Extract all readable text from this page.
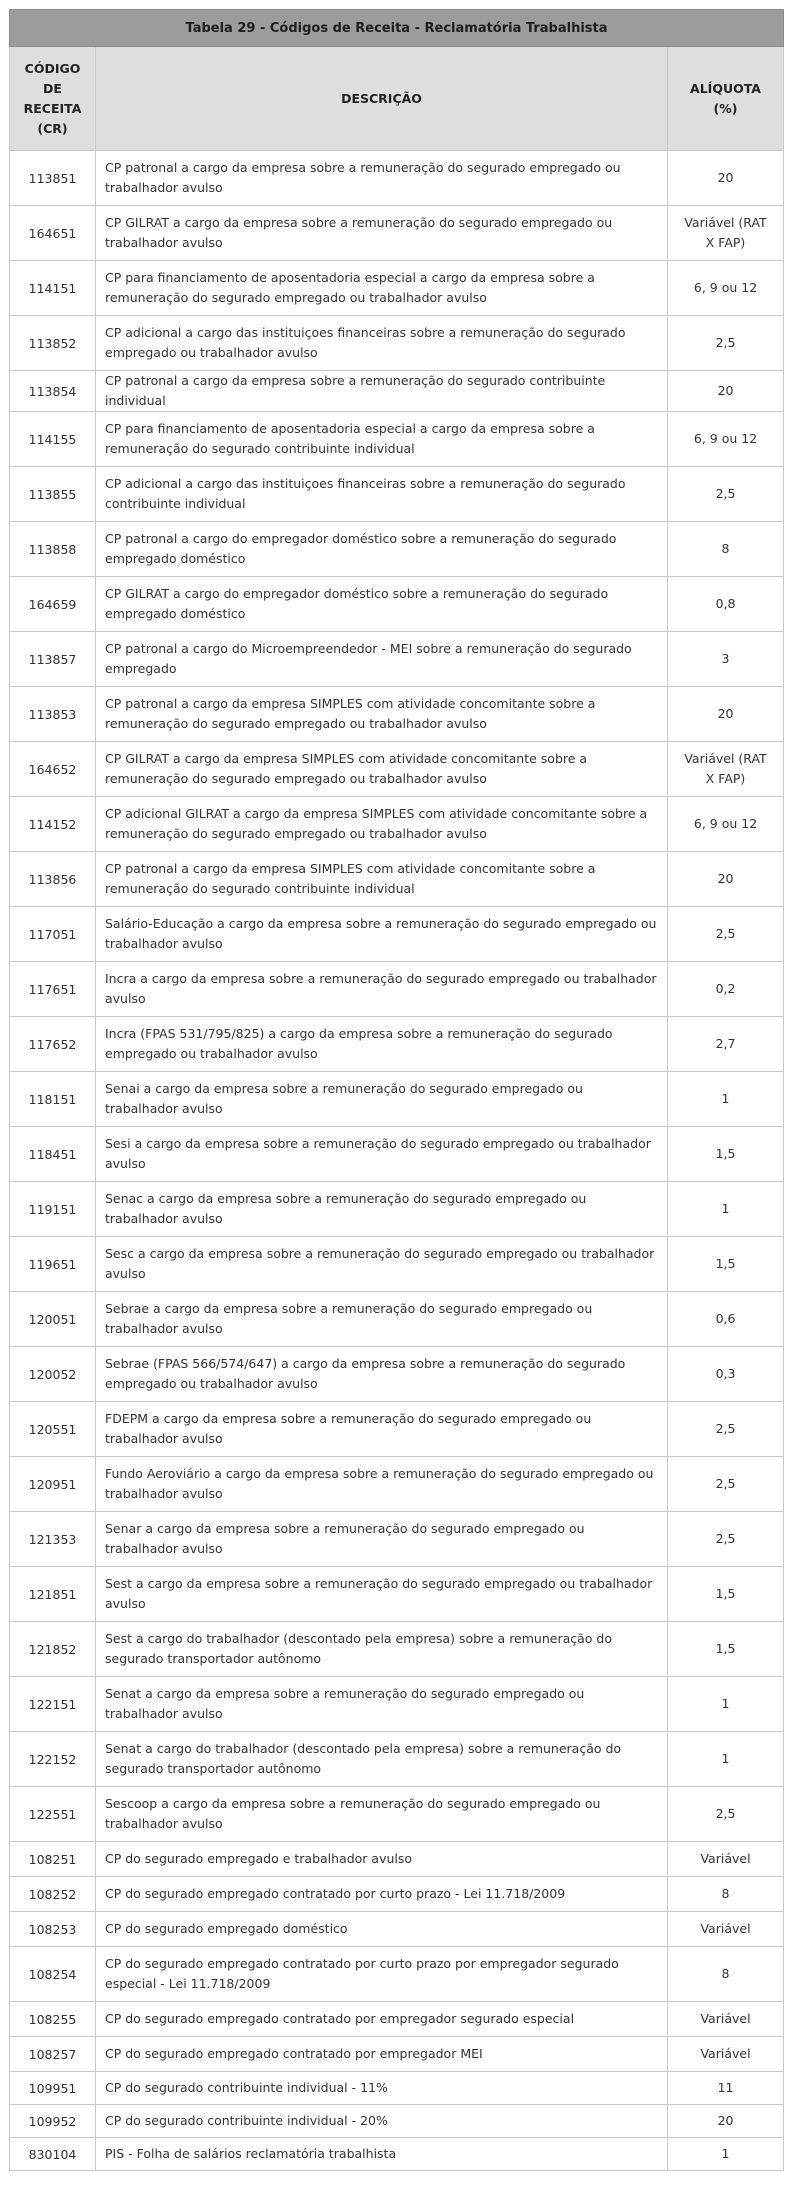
Tabela 29 - Códigos de Receita - Reclamatória Trabalhista		

CÓDIGO DE RECEITA (CR)	DESCRIÇÃO	ALÍQUOTA (%)

113851	CP patronal a cargo da empresa sobre a remuneração do segurado empregado ou trabalhador avulso	20
164651	CP GILRAT a cargo da empresa sobre a remuneração do segurado empregado ou trabalhador avulso	Variável (RAT X FAP)

114151	CP para financiamento de aposentadoria especial a cargo da empresa sobre a remuneração do segurado empregado ou trabalhador avulso	6, 9 ou 12
113852	CP adicional a cargo das instituiçoes financeiras sobre a remuneração do segurado empregado ou trabalhador avulso	2,5
113854	CP patronal a cargo da empresa sobre a remuneração do segurado contribuinte individual	20
114155	CP para financiamento de aposentadoria especial a cargo da empresa sobre a remuneração do segurado contribuinte individual	6, 9 ou 12
113855	CP adicional a cargo das instituiçoes financeiras sobre a remuneração do segurado contribuinte individual	2,5
113858	CP patronal a cargo do empregador doméstico sobre a remuneração do segurado empregado doméstico	8
164659	CP GILRAT a cargo do empregador doméstico sobre a remuneração do segurado empregado doméstico	0,8
113857	CP patronal a cargo do Microempreendedor - MEI sobre a remuneração do segurado empregado	3
113853	CP patronal a cargo da empresa SIMPLES com atividade concomitante sobre a remuneração do segurado empregado ou trabalhador avulso	20
164652	CP GILRAT a cargo da empresa SIMPLES com atividade concomitante sobre a remuneração do segurado empregado ou trabalhador avulso	Variável (RAT X FAP)

114152	CP adicional GILRAT a cargo da empresa SIMPLES com atividade concomitante sobre a remuneração do segurado empregado ou trabalhador avulso	6, 9 ou 12
113856	CP patronal a cargo da empresa SIMPLES com atividade concomitante sobre a remuneração do segurado contribuinte individual	20
117051	Salário-Educação a cargo da empresa sobre a remuneração do segurado empregado ou trabalhador avulso	2,5
117651	Incra a cargo da empresa sobre a remuneração do segurado empregado ou trabalhador avulso	0,2
117652	Incra (FPAS 531/795/825) a cargo da empresa sobre a remuneração do segurado empregado ou trabalhador avulso	2,7
118151	Senai a cargo da empresa sobre a remuneração do segurado empregado ou trabalhador avulso	1
118451	Sesi a cargo da empresa sobre a remuneração do segurado empregado ou trabalhador avulso	1,5
119151	Senac a cargo da empresa sobre a remuneração do segurado empregado ou trabalhador avulso	1
119651	Sesc a cargo da empresa sobre a remuneração do segurado empregado ou trabalhador avulso	1,5
120051	Sebrae a cargo da empresa sobre a remuneração do segurado empregado ou trabalhador avulso	0,6
120052	Sebrae (FPAS 566/574/647) a cargo da empresa sobre a remuneração do segurado empregado ou trabalhador avulso	0,3
120551	FDEPM a cargo da empresa sobre a remuneração do segurado empregado ou trabalhador avulso	2,5
120951	Fundo Aeroviário a cargo da empresa sobre a remuneração do segurado empregado ou trabalhador avulso	2,5
121353	Senar a cargo da empresa sobre a remuneração do segurado empregado ou trabalhador avulso	2,5
121851	Sest a cargo da empresa sobre a remuneração do segurado empregado ou trabalhador avulso	1,5
121852	Sest a cargo do trabalhador (descontado pela empresa) sobre a remuneração do segurado transportador autônomo	1,5
122151	Senat a cargo da empresa sobre a remuneração do segurado empregado ou trabalhador avulso	1
122152	Senat a cargo do trabalhador (descontado pela empresa) sobre a remuneração do segurado transportador autônomo	1
122551	Sescoop a cargo da empresa sobre a remuneração do segurado empregado ou trabalhador avulso	2,5
108251	CP do segurado empregado e trabalhador avulso	Variável
108252	CP do segurado empregado contratado por curto prazo - Lei 11.718/2009	8
108253	CP do segurado empregado doméstico	Variável
108254	CP do segurado empregado contratado por curto prazo por empregador segurado especial - Lei 11.718/2009	8
108255	CP do segurado empregado contratado por empregador segurado especial	Variável
108257	CP do segurado empregado contratado por empregador MEI	Variável
109951	CP do segurado contribuinte individual - 11%	11
109952	CP do segurado contribuinte individual - 20%	20
830104	PIS - Folha de salários reclamatória trabalhista	1
